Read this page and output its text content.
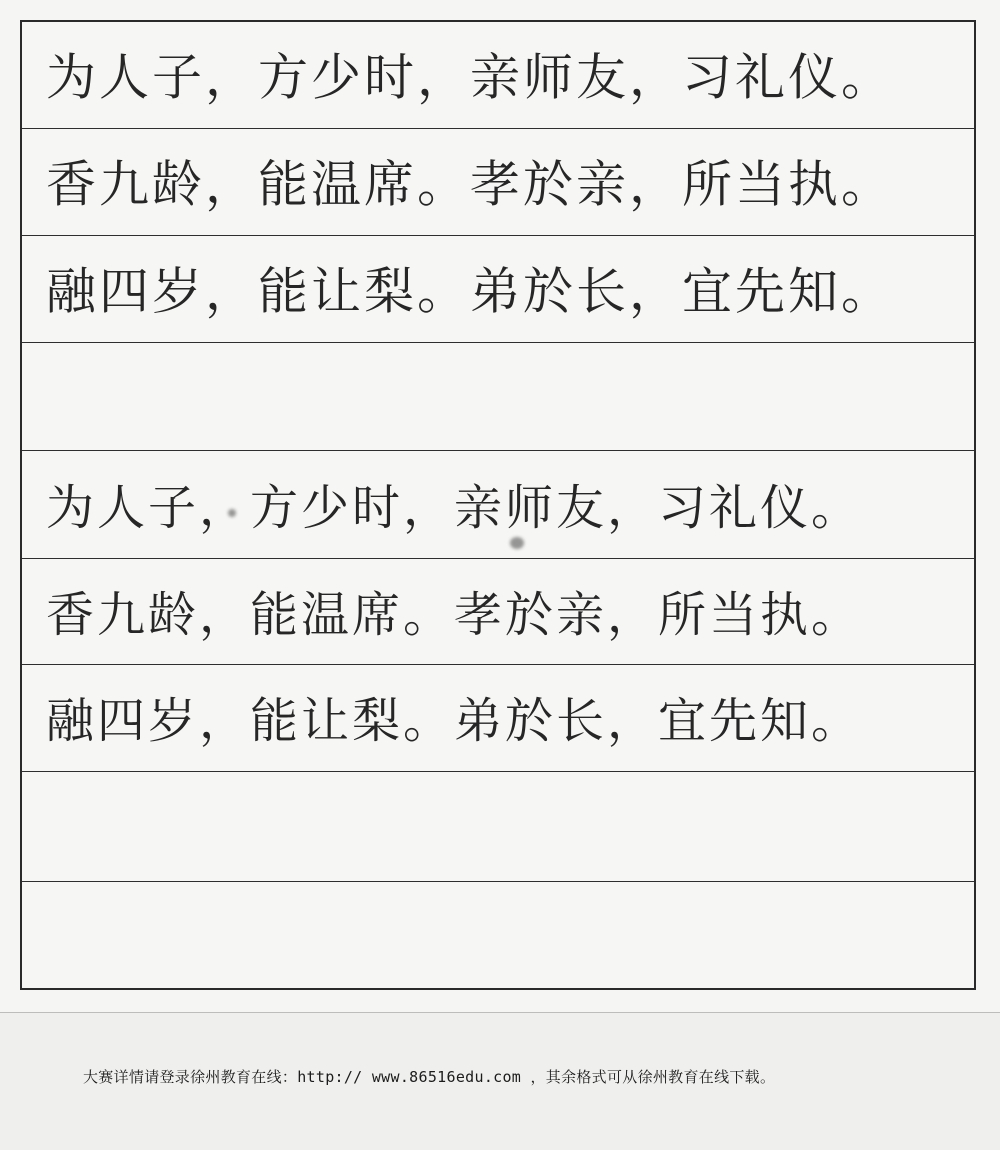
为人子，方少时，亲师友，习礼仪。
香九龄，能温席。孝於亲，所当执。
融四岁，能让梨。弟於长，宜先知。
为人子，方少时，亲师友，习礼仪。
香九龄，能温席。孝於亲，所当执。
融四岁，能让梨。弟於长，宜先知。
大赛详情请登录徐州教育在线：http:// www.86516edu.com ，其余格式可从徐州教育在线下载。
